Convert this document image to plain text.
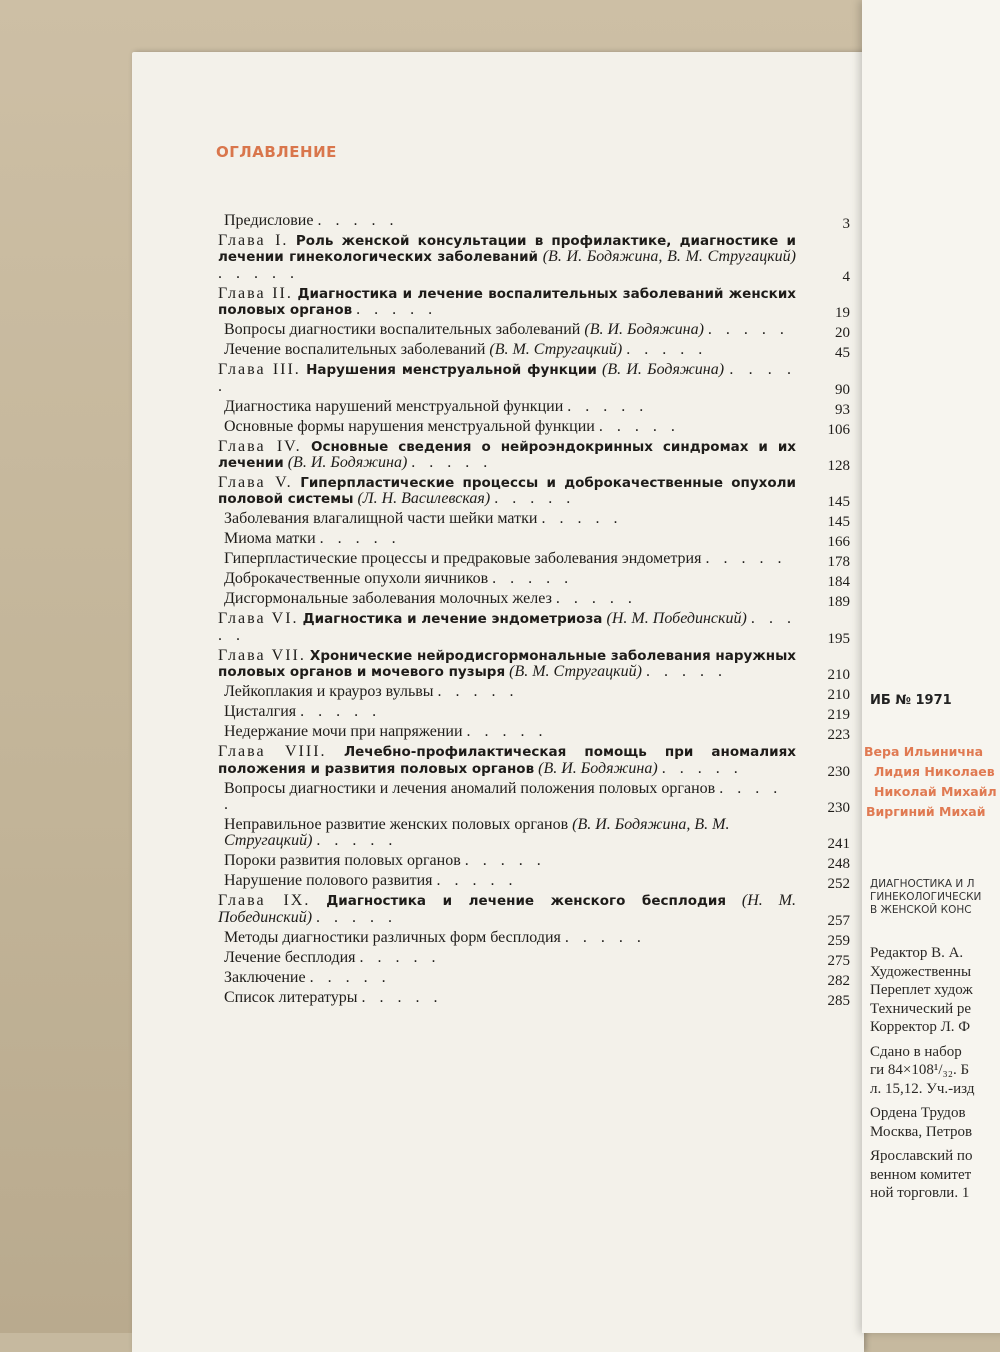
ОГЛАВЛЕНИЕ
Предисловие . . . . .	3
Глава I. Роль женской консультации в профилактике, диагностике и лечении гинекологических заболеваний (В. И. Бодяжина, В. М. Стругацкий) . . . . .	4
Глава II. Диагностика и лечение воспалительных заболеваний женских половых органов . . . . .	19
Вопросы диагностики воспалительных заболеваний (В. И. Бодяжина) . . . . .	20
Лечение воспалительных заболеваний (В. М. Стругацкий) . . . . .	45
Глава III. Нарушения менструальной функции (В. И. Бодяжина) . . . . .	90
Диагностика нарушений менструальной функции . . . . .	93
Основные формы нарушения менструальной функции . . . . .	106
Глава IV. Основные сведения о нейроэндокринных синдромах и их лечении (В. И. Бодяжина) . . . . .	128
Глава V. Гиперпластические процессы и доброкачественные опухоли половой системы (Л. Н. Василевская) . . . . .	145
Заболевания влагалищной части шейки матки . . . . .	145
Миома матки . . . . .	166
Гиперпластические процессы и предраковые заболевания эндометрия . . . . .	178
Доброкачественные опухоли яичников . . . . .	184
Дисгормональные заболевания молочных желез . . . . .	189
Глава VI. Диагностика и лечение эндометриоза (Н. М. Побединский) . . . . .	195
Глава VII. Хронические нейродисгормональные заболевания наружных половых органов и мочевого пузыря (В. М. Стругацкий) . . . . .	210
Лейкоплакия и крауроз вульвы . . . . .	210
Цисталгия . . . . .	219
Недержание мочи при напряжении . . . . .	223
Глава VIII. Лечебно-профилактическая помощь при аномалиях положения и развития половых органов (В. И. Бодяжина) . . . . .	230
Вопросы диагностики и лечения аномалий положения половых органов . . . . .	230
Неправильное развитие женских половых органов (В. И. Бодяжина, В. М. Стругацкий) . . . . .	241
Пороки развития половых органов . . . . .	248
Нарушение полового развития . . . . .	252
Глава IX. Диагностика и лечение женского бесплодия (Н. М. Побединский) . . . . .	257
Методы диагностики различных форм бесплодия . . . . .	259
Лечение бесплодия . . . . .	275
Заключение . . . . .	282
Список литературы . . . . .	285
ИБ № 1971
Вера Ильинична
Лидия Николаев
Николай Михайл
Виргиний Михай
ДИАГНОСТИКА И Л
ГИНЕКОЛОГИЧЕСКИ
В ЖЕНСКОЙ КОНС
Редактор В. А.
Художественны
Переплет худож
Технический ре
Корректор Л. Ф
Сдано в набор
ги 84×108¹/₃₂. Б
л. 15,12. Уч.-изд
Ордена Трудов
Москва, Петров
Ярославский по
венном комитет
ной торговли. 1
